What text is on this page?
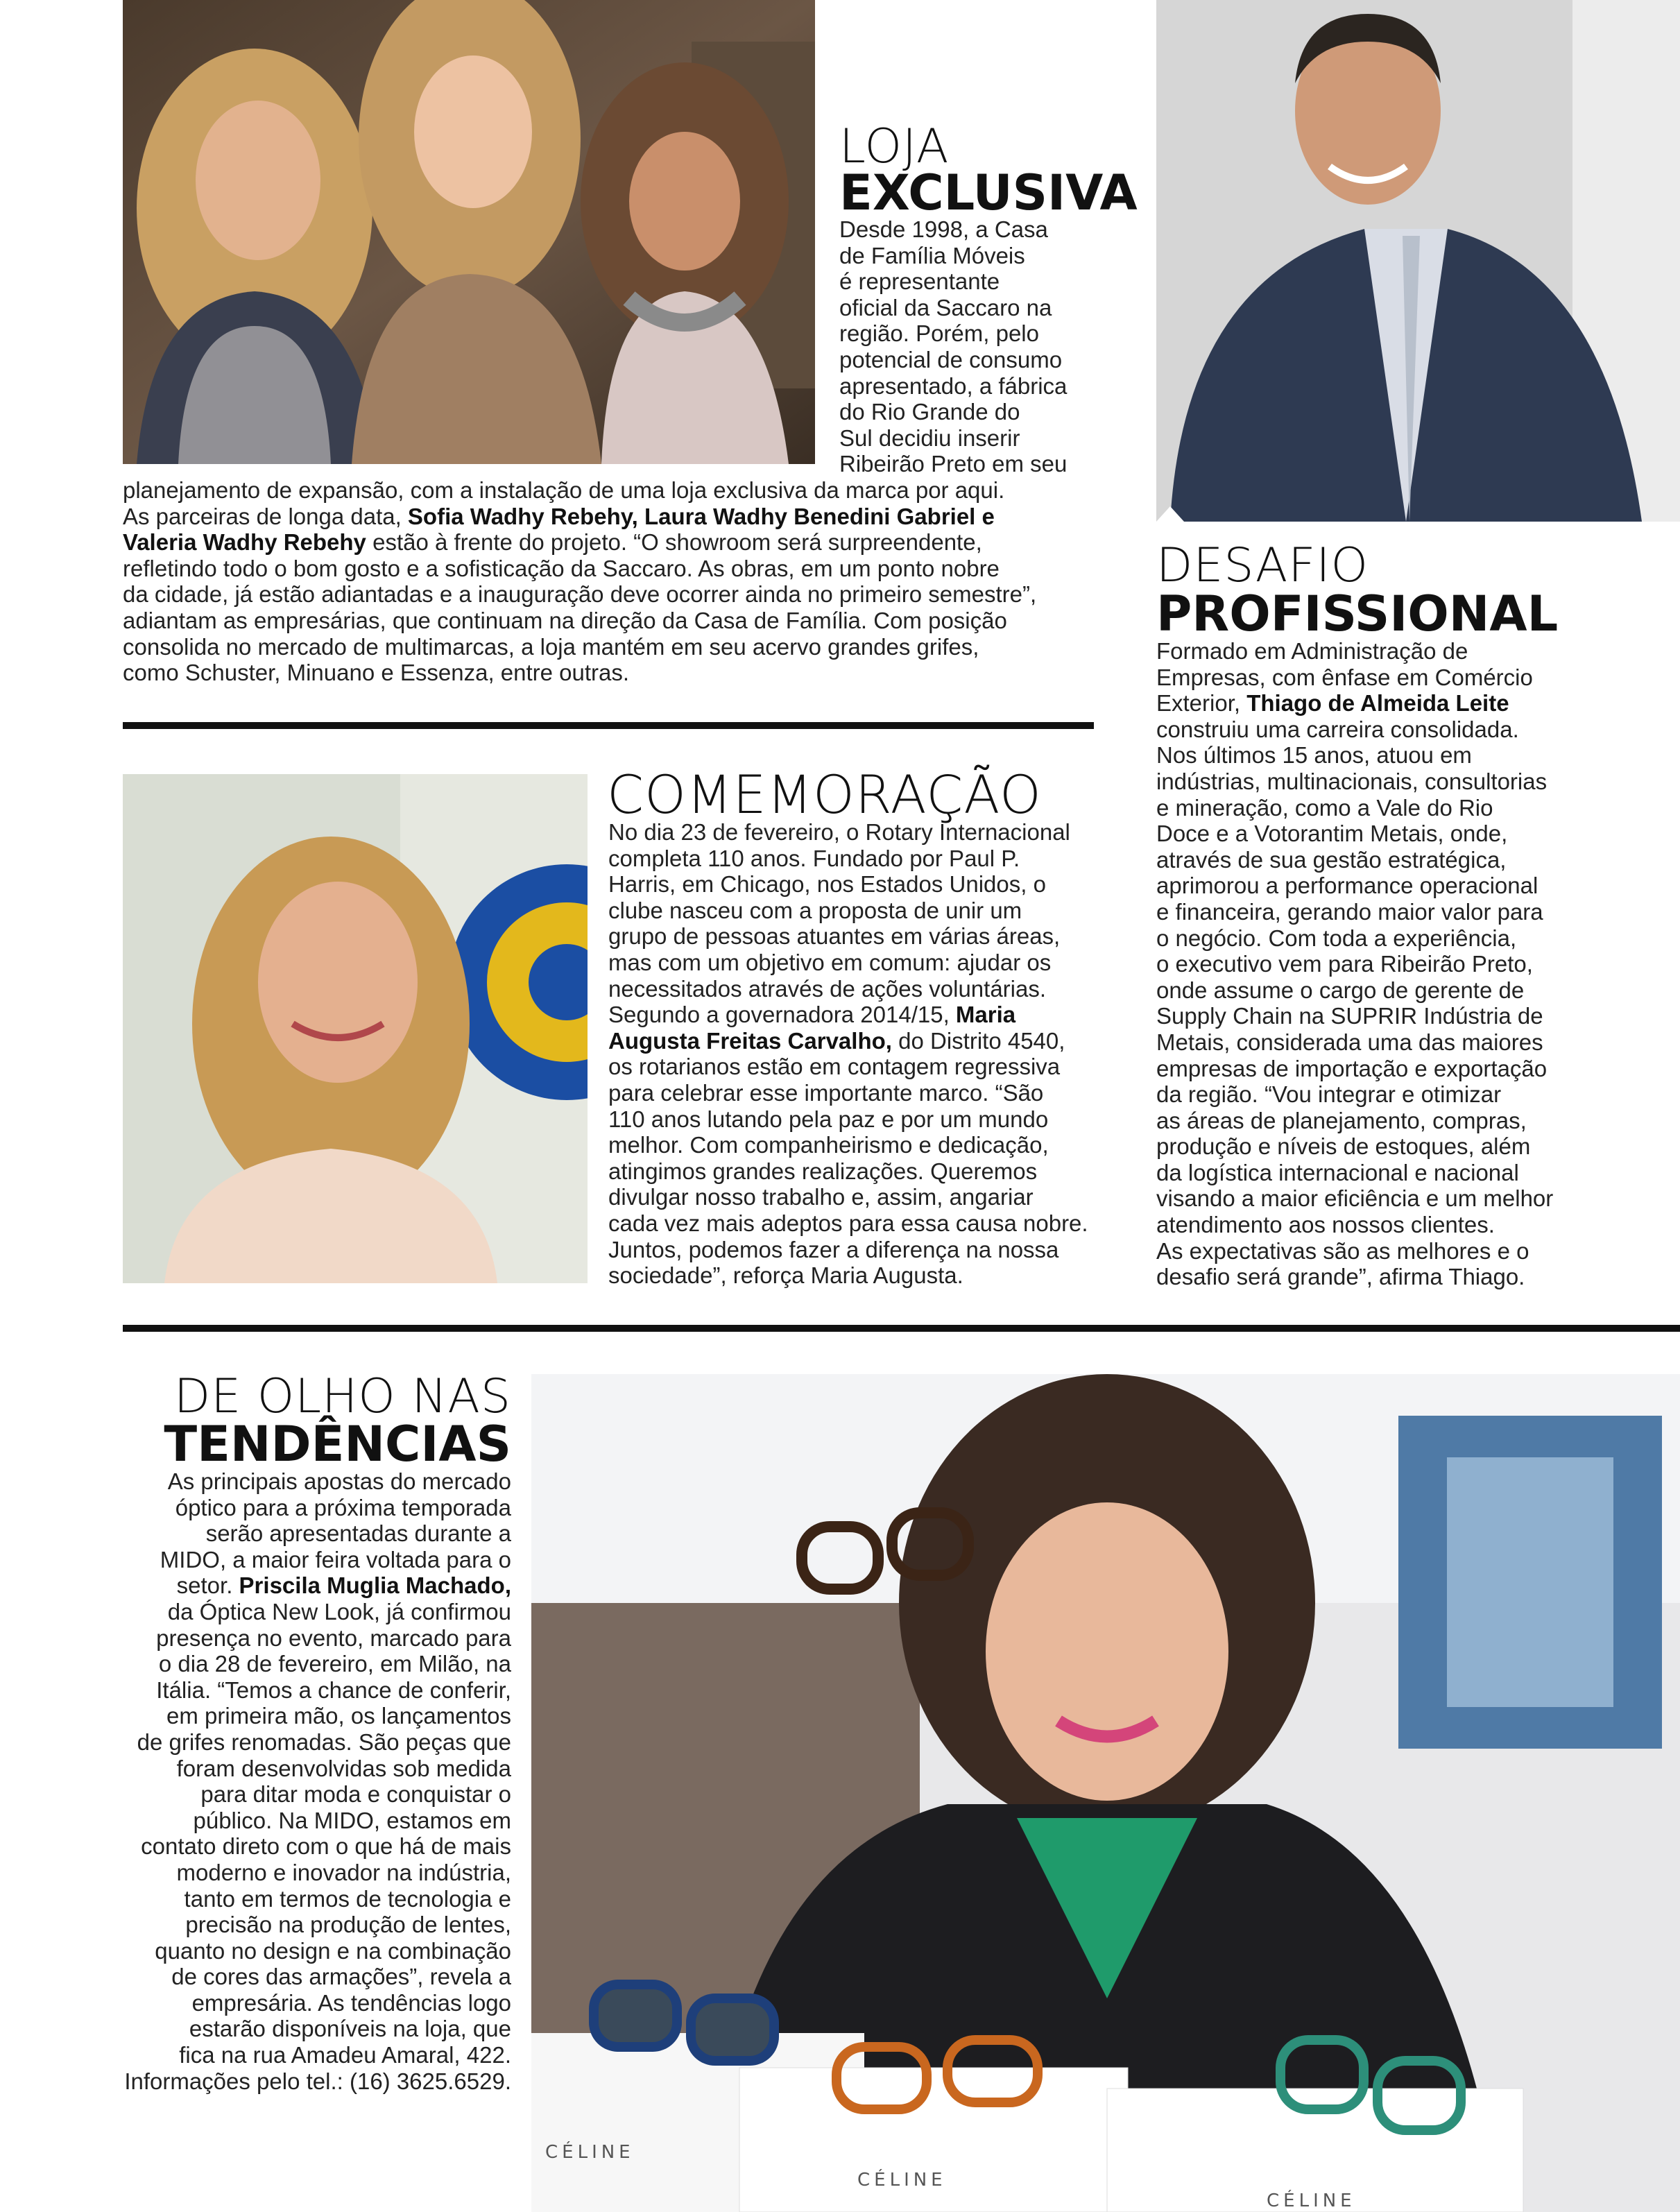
LOJA
EXCLUSIVA
Desde 1998, a Casa
de Família Móveis
é representante
oficial da Saccaro na
região. Porém, pelo
potencial de consumo
apresentado, a fábrica
do Rio Grande do
Sul decidiu inserir
Ribeirão Preto em seu
planejamento de expansão, com a instalação de uma loja exclusiva da marca por aqui.
As parceiras de longa data, Sofia Wadhy Rebehy, Laura Wadhy Benedini Gabriel e
Valeria Wadhy Rebehy estão à frente do projeto. “O showroom será surpreendente,
refletindo todo o bom gosto e a sofisticação da Saccaro. As obras, em um ponto nobre
da cidade, já estão adiantadas e a inauguração deve ocorrer ainda no primeiro semestre”,
adiantam as empresárias, que continuam na direção da Casa de Família. Com posição
consolida no mercado de multimarcas, a loja mantém em seu acervo grandes grifes,
como Schuster, Minuano e Essenza, entre outras.
COMEMORAÇÃO
No dia 23 de fevereiro, o Rotary Internacional
completa 110 anos. Fundado por Paul P.
Harris, em Chicago, nos Estados Unidos, o
clube nasceu com a proposta de unir um
grupo de pessoas atuantes em várias áreas,
mas com um objetivo em comum: ajudar os
necessitados através de ações voluntárias.
Segundo a governadora 2014/15, Maria
Augusta Freitas Carvalho, do Distrito 4540,
os rotarianos estão em contagem regressiva
para celebrar esse importante marco. “São
110 anos lutando pela paz e por um mundo
melhor. Com companheirismo e dedicação,
atingimos grandes realizações. Queremos
divulgar nosso trabalho e, assim, angariar
cada vez mais adeptos para essa causa nobre.
Juntos, podemos fazer a diferença na nossa
sociedade”, reforça Maria Augusta.
DESAFIO
PROFISSIONAL
Formado em Administração de
Empresas, com ênfase em Comércio
Exterior, Thiago de Almeida Leite
construiu uma carreira consolidada.
Nos últimos 15 anos, atuou em
indústrias, multinacionais, consultorias
e mineração, como a Vale do Rio
Doce e a Votorantim Metais, onde,
através de sua gestão estratégica,
aprimorou a performance operacional
e financeira, gerando maior valor para
o negócio. Com toda a experiência,
o executivo vem para Ribeirão Preto,
onde assume o cargo de gerente de
Supply Chain na SUPRIR Indústria de
Metais, considerada uma das maiores
empresas de importação e exportação
da região. “Vou integrar e otimizar
as áreas de planejamento, compras,
produção e níveis de estoques, além
da logística internacional e nacional
visando a maior eficiência e um melhor
atendimento aos nossos clientes.
As expectativas são as melhores e o
desafio será grande”, afirma Thiago.
CÉLINE
CÉLINE
CÉLINE
DE OLHO NAS
TENDÊNCIAS
As principais apostas do mercado
óptico para a próxima temporada
serão apresentadas durante a
MIDO, a maior feira voltada para o
setor. Priscila Muglia Machado,
da Óptica New Look, já confirmou
presença no evento, marcado para
o dia 28 de fevereiro, em Milão, na
Itália. “Temos a chance de conferir,
em primeira mão, os lançamentos
de grifes renomadas. São peças que
foram desenvolvidas sob medida
para ditar moda e conquistar o
público. Na MIDO, estamos em
contato direto com o que há de mais
moderno e inovador na indústria,
tanto em termos de tecnologia e
precisão na produção de lentes,
quanto no design e na combinação
de cores das armações”, revela a
empresária. As tendências logo
estarão disponíveis na loja, que
fica na rua Amadeu Amaral, 422.
Informações pelo tel.: (16) 3625.6529.
